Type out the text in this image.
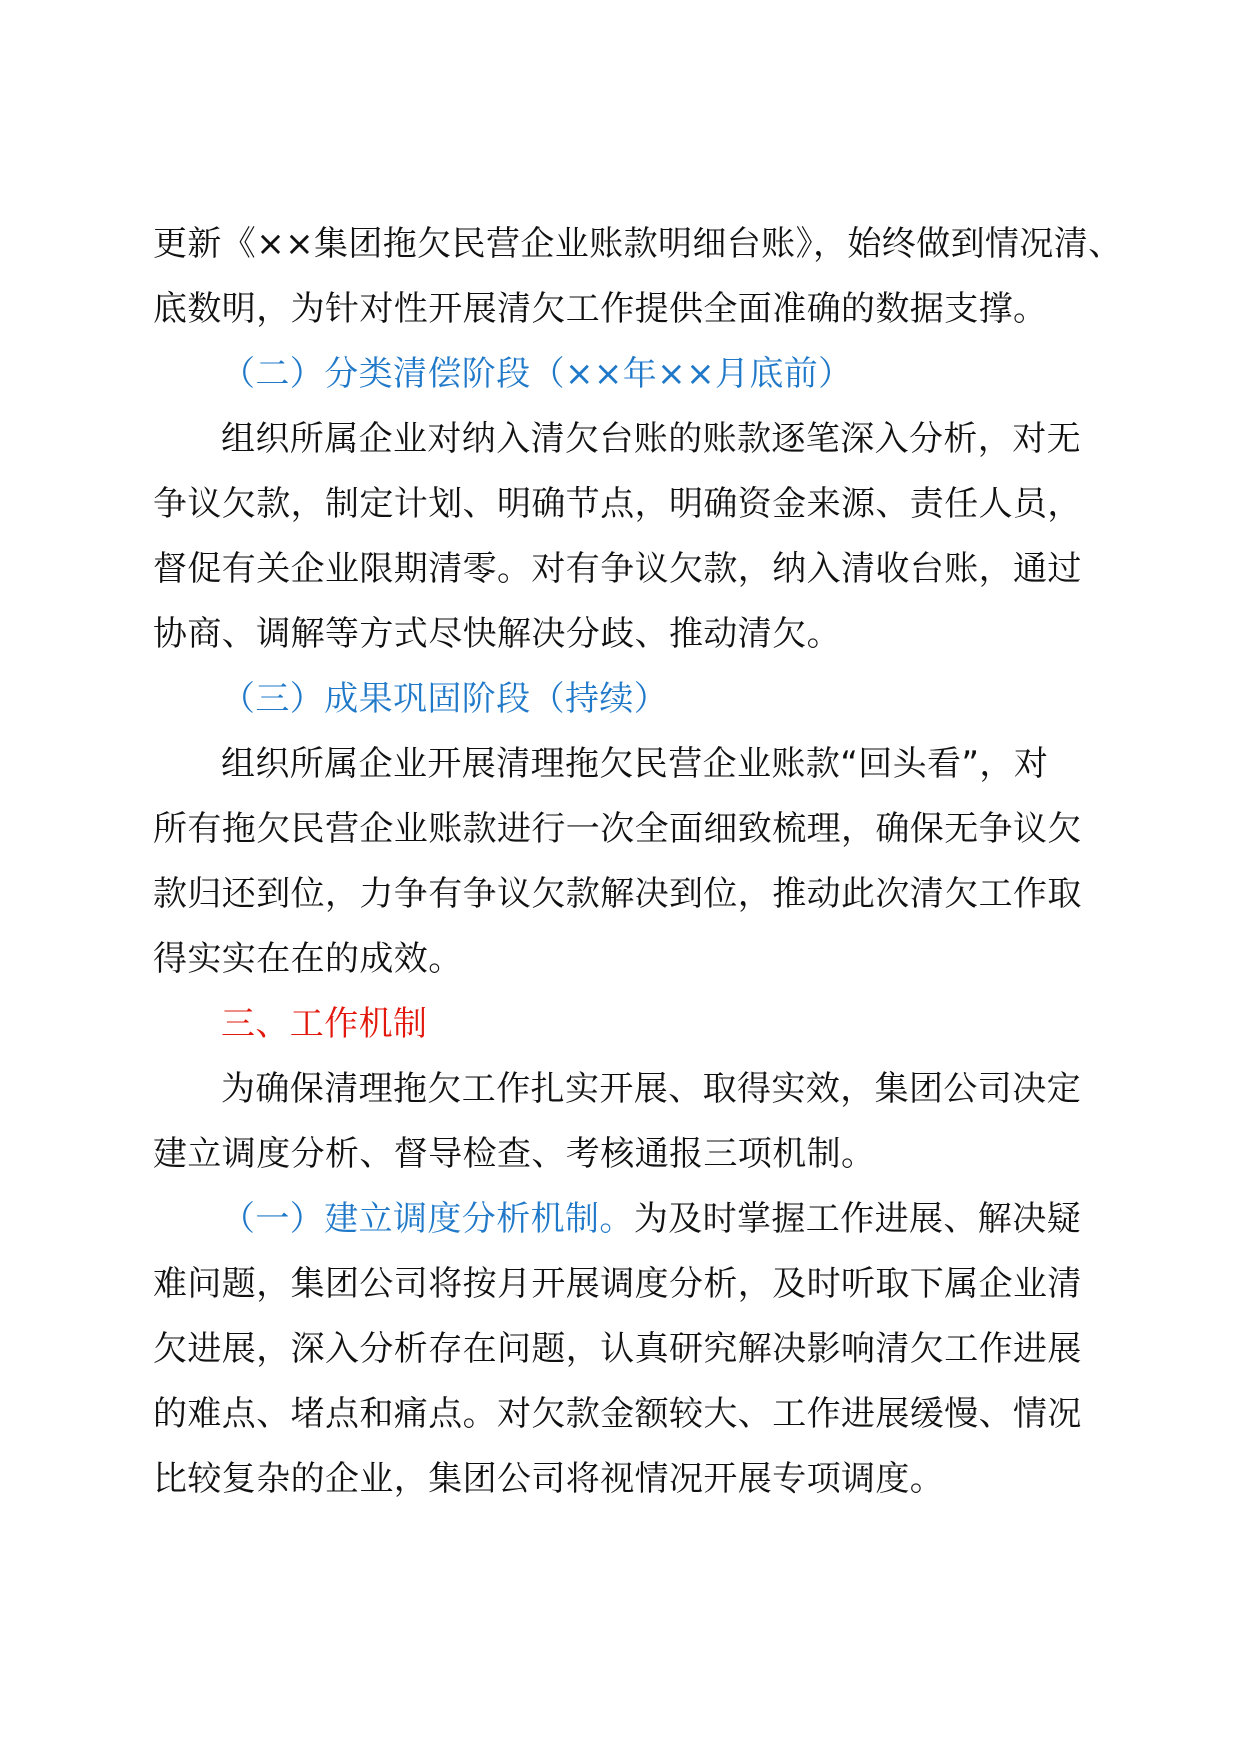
更新《××集团拖欠民营企业账款明细台账》，始终做到情况清、
底数明，为针对性开展清欠工作提供全面准确的数据支撑。
（二）分类清偿阶段（××年××月底前）
组织所属企业对纳入清欠台账的账款逐笔深入分析，对无
争议欠款，制定计划、明确节点，明确资金来源、责任人员，
督促有关企业限期清零。对有争议欠款，纳入清收台账，通过
协商、调解等方式尽快解决分歧、推动清欠。
（三）成果巩固阶段（持续）
组织所属企业开展清理拖欠民营企业账款“回头看”，对
所有拖欠民营企业账款进行一次全面细致梳理，确保无争议欠
款归还到位，力争有争议欠款解决到位，推动此次清欠工作取
得实实在在的成效。
三、工作机制
为确保清理拖欠工作扎实开展、取得实效，集团公司决定
建立调度分析、督导检查、考核通报三项机制。
（一）建立调度分析机制。为及时掌握工作进展、解决疑
难问题，集团公司将按月开展调度分析，及时听取下属企业清
欠进展，深入分析存在问题，认真研究解决影响清欠工作进展
的难点、堵点和痛点。对欠款金额较大、工作进展缓慢、情况
比较复杂的企业，集团公司将视情况开展专项调度。
